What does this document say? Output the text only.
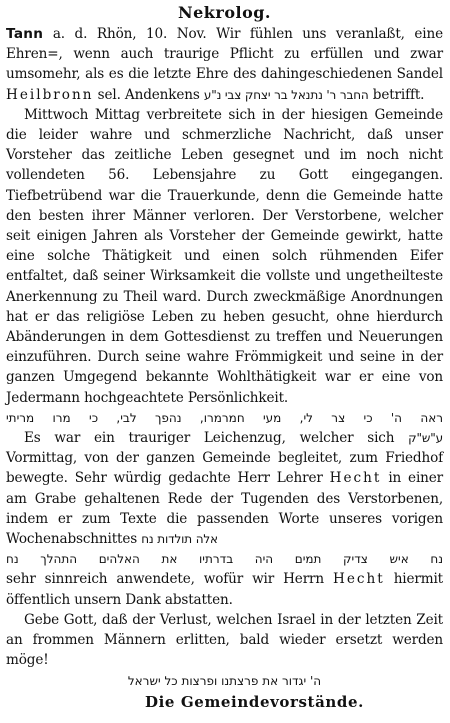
Nekrolog.

Tann a. d. Rhön, 10. Nov. Wir fühlen uns veranlaßt, eine Ehren=, wenn auch traurige Pflicht zu erfüllen und zwar umsomehr, als es die letzte Ehre des dahingeschiedenen Sandel Heilbronn sel. Andenkens החבר ר' נתנאל בר יצחק צבי נ"ע betrifft.

Mittwoch Mittag verbreitete sich in der hiesigen Gemeinde die leider wahre und schmerzliche Nachricht, daß unser Vorsteher das zeitliche Leben gesegnet und im noch nicht vollendeten 56. Lebensjahre zu Gott eingegangen. Tiefbetrübend war die Trauerkunde, denn die Gemeinde hatte den besten ihrer Männer verloren. Der Verstorbene, welcher seit einigen Jahren als Vorsteher der Gemeinde gewirkt, hatte eine solche Thätigkeit und einen solch rühmenden Eifer entfaltet, daß seiner Wirksamkeit die vollste und ungetheilteste Anerkennung zu Theil ward. Durch zweckmäßige Anordnungen hat er das religiöse Leben zu heben gesucht, ohne hierdurch Abänderungen in dem Gottesdienst zu treffen und Neuerungen einzuführen. Durch seine wahre Frömmigkeit und seine in der ganzen Umgegend bekannte Wohlthätigkeit war er eine von Jedermann hochgeachtete Persönlichkeit.

ראה ה' כי צר לי, מעי חמרמרו, נהפך לבי, כי מרו מריתי

Es war ein trauriger Leichenzug, welcher sich ע"ש"ק Vormittag, von der ganzen Gemeinde begleitet, zum Friedhof bewegte. Sehr würdig gedachte Herr Lehrer Hecht in einer am Grabe gehaltenen Rede der Tugenden des Verstorbenen, indem er zum Texte die passenden Worte unseres vorigen Wochenabschnittes אלה תולדות נח

נח איש צדיק תמים היה בדרתיו את האלהים התהלך נח

sehr sinnreich anwendete, wofür wir Herrn Hecht hiermit öffentlich unsern Dank abstatten.

Gebe Gott, daß der Verlust, welchen Israel in der letzten Zeit an frommen Männern erlitten, bald wieder ersetzt werden möge!

ה' יגדור את פרצתנו ופרצות כל ישראל

Die Gemeindevorstände.
